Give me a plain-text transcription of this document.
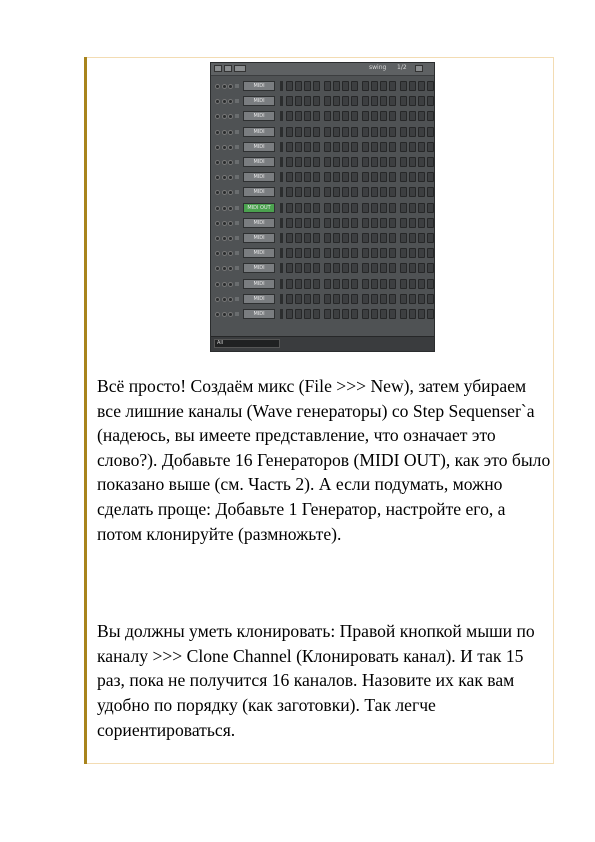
swing 1/2
MIDI
MIDI
MIDI
MIDI
MIDI
MIDI
MIDI
MIDI
MIDI OUT
MIDI
MIDI
MIDI
MIDI
MIDI
MIDI
MIDI
All

Всё просто! Создаём микс (File >>> New), затем убираем все лишние каналы (Wave генераторы) со Step Sequenser`a (надеюсь, вы имеете представление, что означает это слово?). Добавьте 16 Генераторов (MIDI OUT), как это было показано выше (см. Часть 2). А если подумать, можно сделать проще: Добавьте 1 Генератор, настройте его, а потом клонируйте (размножьте).

Вы должны уметь клонировать: Правой кнопкой мыши по каналу >>> Clone Channel (Клонировать канал). И так 15 раз, пока не получится 16 каналов. Назовите их как вам удобно по порядку (как заготовки). Так легче сориентироваться.
